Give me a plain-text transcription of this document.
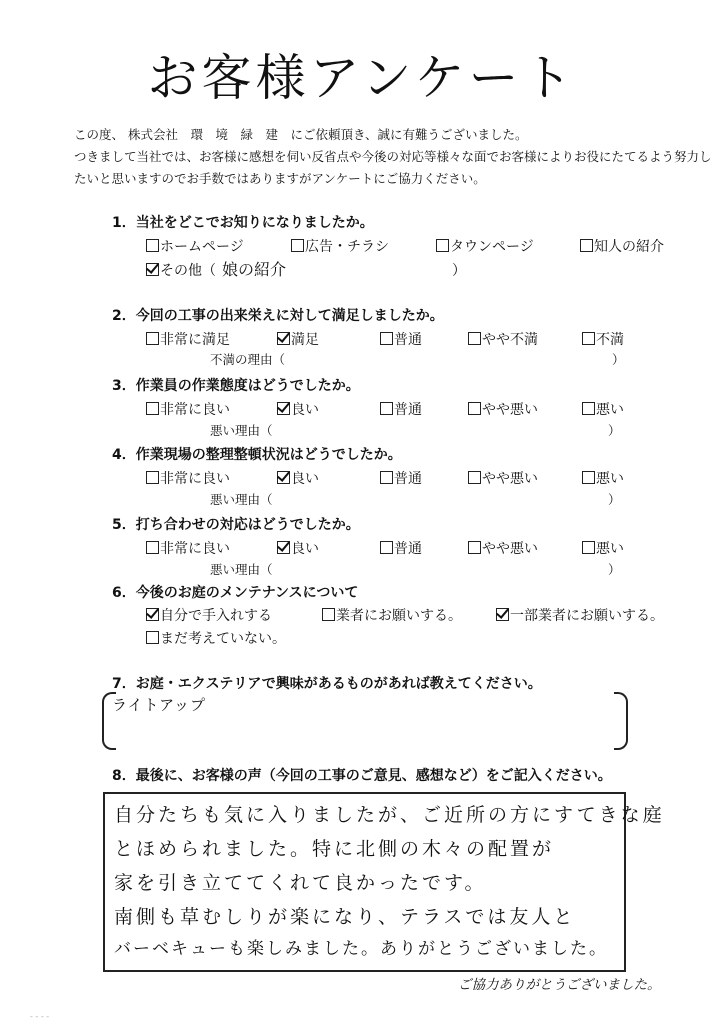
お客様アンケート
この度、 株式会社　環　境　緑　建　にご依頼頂き、誠に有難うございました。
つきまして当社では、お客様に感想を伺い反省点や今後の対応等様々な面でお客様によりお役にたてるよう努力し
たいと思いますのでお手数ではありますがアンケートにご協力ください。
1．当社をどこでお知りになりましたか。
ホームページ	広告・チラシ	タウンページ	知人の紹介
その他（ 娘の紹介	）
2．今回の工事の出来栄えに対して満足しましたか。
非常に満足	満足	普通	やや不満	不満
不満の理由（	）
3．作業員の作業態度はどうでしたか。
非常に良い	良い	普通	やや悪い	悪い
悪い理由（	）
4．作業現場の整理整頓状況はどうでしたか。
非常に良い	良い	普通	やや悪い	悪い
悪い理由（	）
5．打ち合わせの対応はどうでしたか。
非常に良い	良い	普通	やや悪い	悪い
悪い理由（	）
6．今後のお庭のメンテナンスについて
自分で手入れする	業者にお願いする。	一部業者にお願いする。
まだ考えていない。
7．お庭・エクステリアで興味があるものがあれば教えてください。
ライトアップ
8．最後に、お客様の声（今回の工事のご意見、感想など）をご記入ください。
自分たちも気に入りましたが、ご近所の方にすてきな庭
とほめられました。特に北側の木々の配置が
家を引き立ててくれて良かったです。
南側も草むしりが楽になり、テラスでは友人と
バーベキューも楽しみました。ありがとうございました。
ご協力ありがとうございました。
- - - -
